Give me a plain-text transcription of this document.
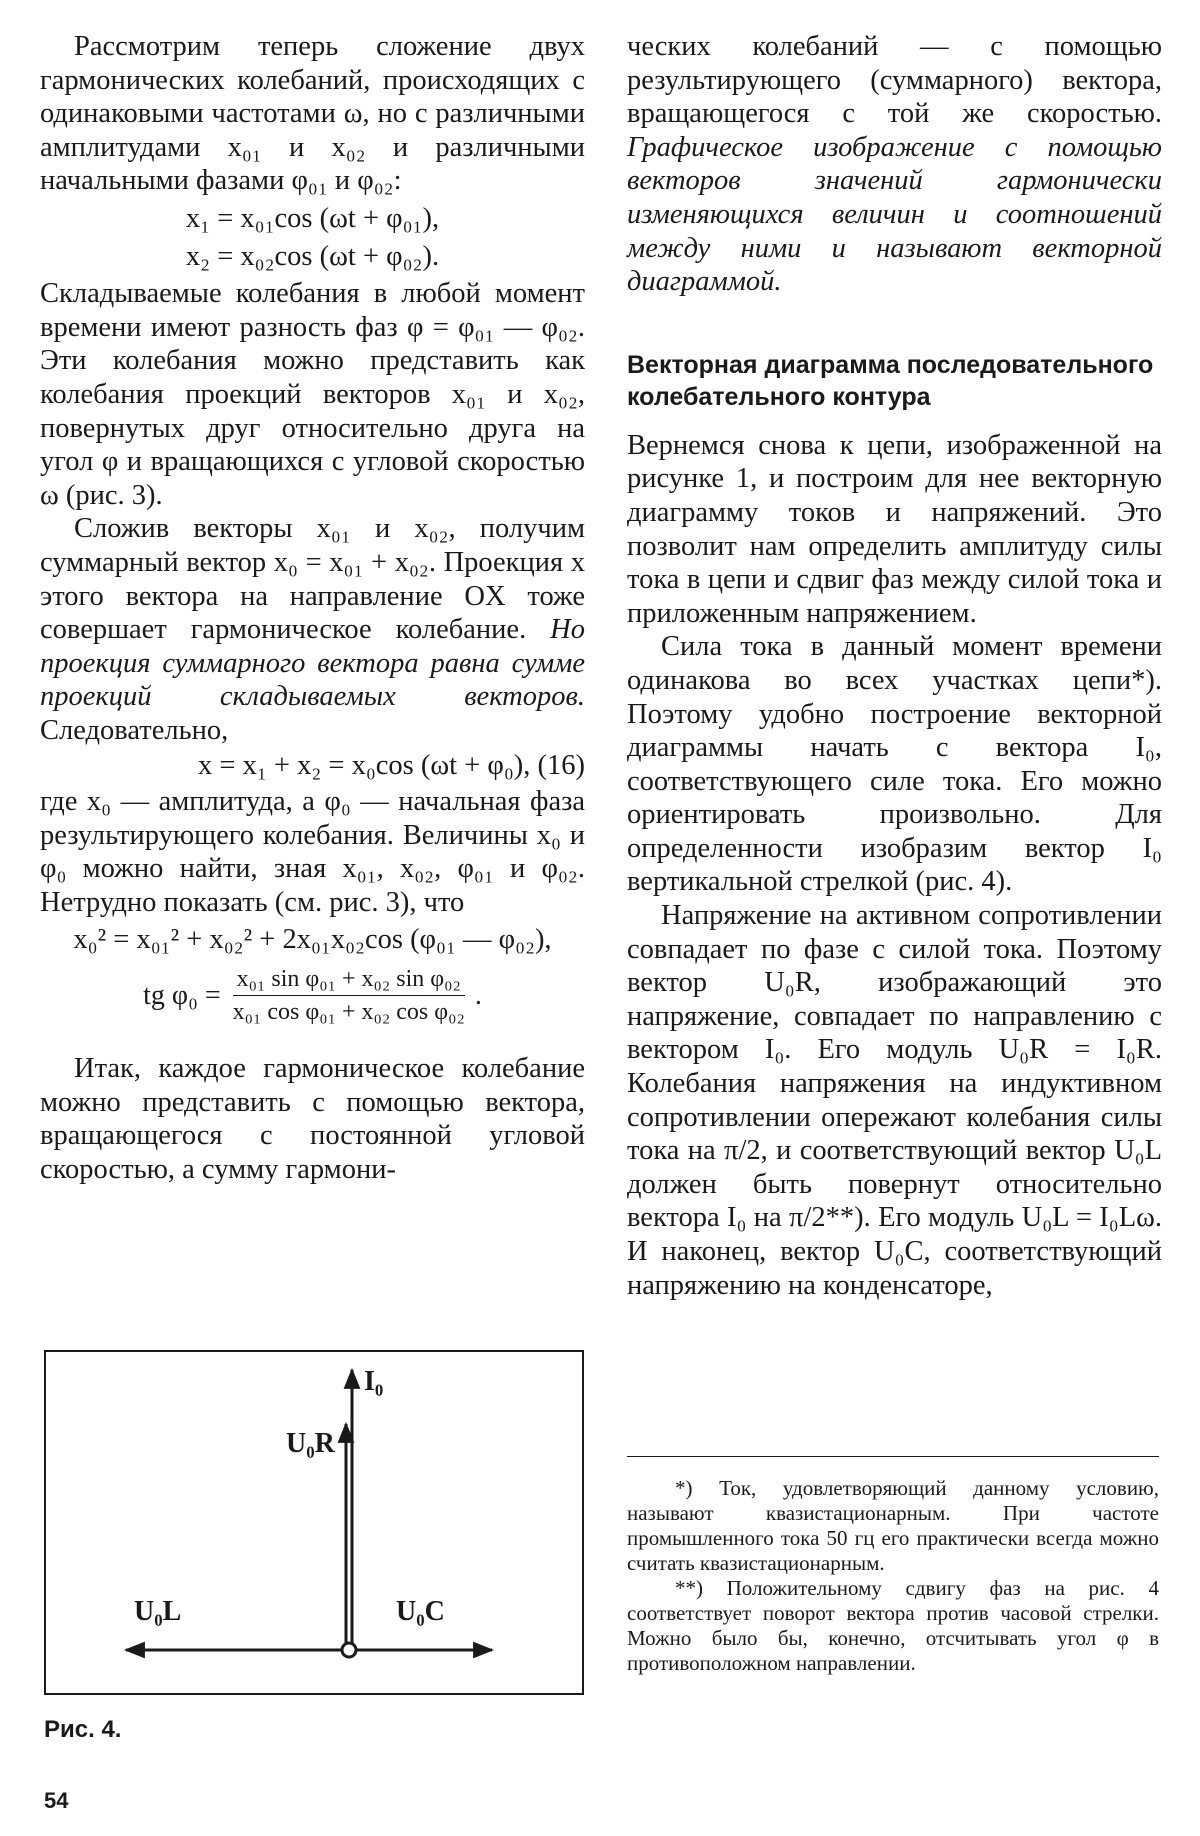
Рассмотрим теперь сложение двух гармонических колебаний, происходящих с одинаковыми частотами ω, но с различными амплитудами x₀₁ и x₀₂ и различными начальными фазами φ₀₁ и φ₀₂:

x₁ = x₀₁cos (ωt + φ₀₁),

x₂ = x₀₂cos (ωt + φ₀₂).

Складываемые колебания в любой момент времени имеют разность фаз φ = φ₀₁ — φ₀₂. Эти колебания можно представить как колебания проекций векторов x₀₁ и x₀₂, повернутых друг относительно друга на угол φ и вращающихся с угловой скоростью ω (рис. 3).

Сложив векторы x₀₁ и x₀₂, получим суммарный вектор x₀ = x₀₁ + x₀₂. Проекция x этого вектора на направление OX тоже совершает гармоническое колебание. Но проекция суммарного вектора равна сумме проекций складываемых векторов. Следовательно,

x = x₁ + x₂ = x₀cos (ωt + φ₀), (16)

где x₀ — амплитуда, а φ₀ — начальная фаза результирующего колебания. Величины x₀ и φ₀ можно найти, зная x₀₁, x₀₂, φ₀₁ и φ₀₂. Нетрудно показать (см. рис. 3), что

x₀² = x₀₁² + x₀₂² + 2x₀₁x₀₂cos (φ₀₁ — φ₀₂),

tg $\varphi_0 = \frac{\text{x₀₁ sin φ₀₁ + x₀₂ sin φ₀₂}}{\text{x₀₁ cos φ₀₁ + x₀₂ cos φ₀₂}}$ .

Итак, каждое гармоническое колебание можно представить с помощью вектора, вращающегося с постоянной угловой скоростью, а сумму гармони-

ческих колебаний — с помощью результирующего (суммарного) вектора, вращающегося с той же скоростью. Графическое изображение с помощью векторов значений гармонически изменяющихся величин и соотношений между ними и называют векторной диаграммой.

Векторная диаграмма последовательного колебательного контура

Вернемся снова к цепи, изображенной на рисунке 1, и построим для нее векторную диаграмму токов и напряжений. Это позволит нам определить амплитуду силы тока в цепи и сдвиг фаз между силой тока и приложенным напряжением.

Сила тока в данный момент времени одинакова во всех участках цепи*). Поэтому удобно построение векторной диаграммы начать с вектора I₀, соответствующего силе тока. Его можно ориентировать произвольно. Для определенности изобразим вектор I₀ вертикальной стрелкой (рис. 4).

Напряжение на активном сопротивлении совпадает по фазе с силой тока. Поэтому вектор U₀R, изображающий это напряжение, совпадает по направлению с вектором I₀. Его модуль U₀R = I₀R. Колебания напряжения на индуктивном сопротивлении опережают колебания силы тока на π/2, и соответствующий вектор U₀L должен быть повернут относительно вектора I₀ на π/2**). Его модуль U₀L = I₀Lω. И наконец, вектор U₀C, соответствующий напряжению на конденсаторе,

I₀
U₀R
U₀L	U₀C
Рис. 4.
54

*) Ток, удовлетворяющий данному условию, называют квазистационарным. При частоте промышленного тока 50 гц его практически всегда можно считать квазистационарным.

**) Положительному сдвигу фаз на рис. 4 соответствует поворот вектора против часовой стрелки. Можно было бы, конечно, отсчитывать угол φ в противоположном направлении.
